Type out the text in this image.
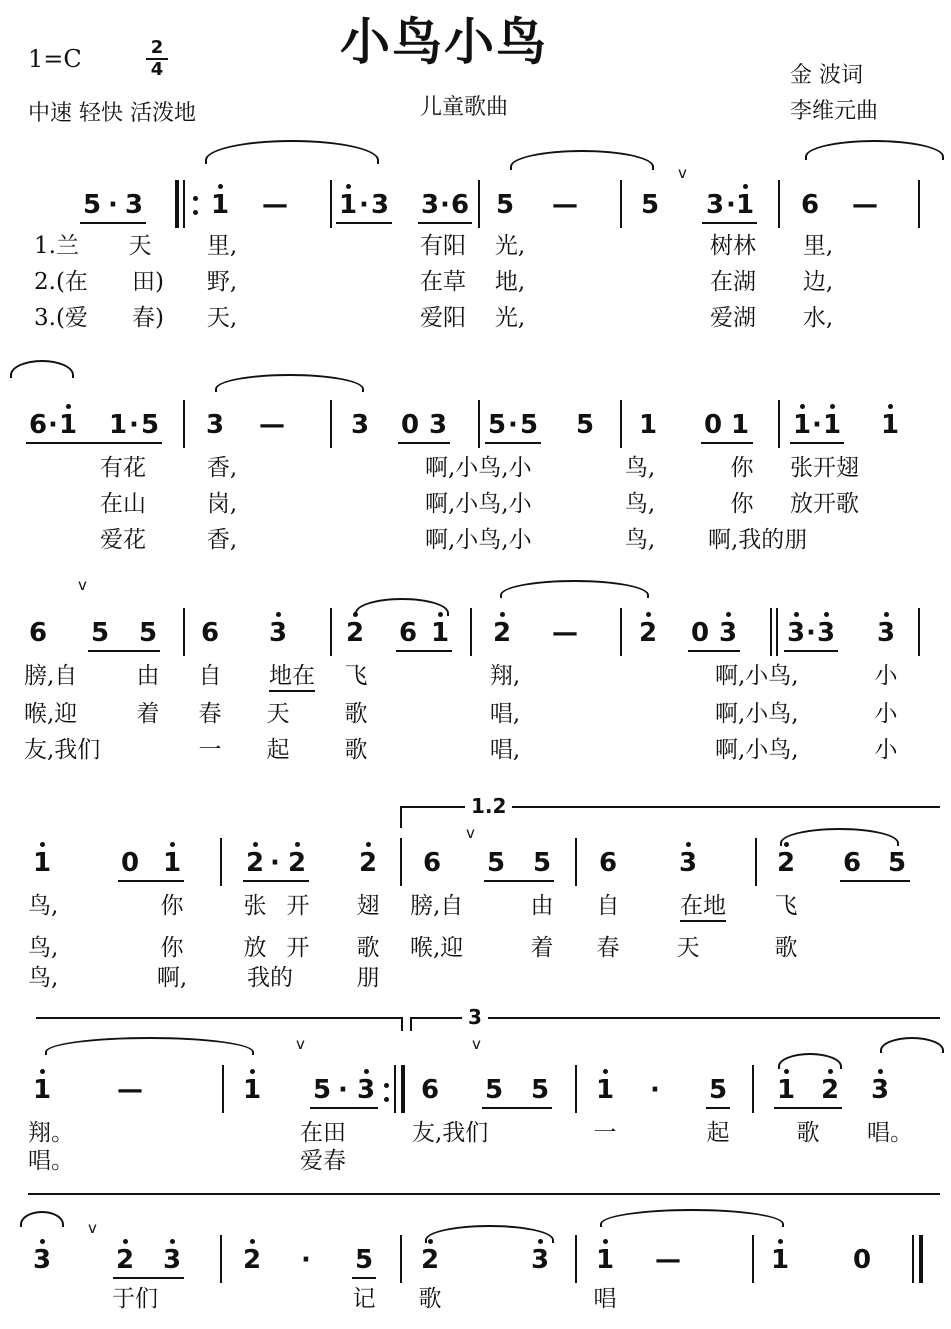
小鸟小鸟
1=C	2
4
中速 轻快 活泼地	儿童歌曲
金 波词
李维元曲
v
5 · 3	1 — 1 · 3 3 · 6 5 — 5 3 · 1 6 —
1.兰 天 里,	有阳 光,	树林 里,
2.(在 田) 野,	在草 地,	在湖 边,
3.(爱 春) 天,	爱阳 光,	爱湖 水,
6 · 1 1 · 5 3 —	3 0 3 5 · 5 5 1 0 1 1 · 1 1
有花	香,	啊,小鸟,小	鸟,	你 张开翅
在山	岗,	啊,小鸟,小	鸟,	你 放开歌
爱花	香,	啊,小鸟,小	鸟, 啊,我的朋
v
6 5 5 6 3 2 6 1 2 — 2 0 3 3 · 3 3
膀,自	由 自 地在 飞	翔,	啊,小鸟,	小
喉,迎	着 春 天 歌	唱,	啊,小鸟,	小
友,我们	一 起 歌	唱,	啊,小鸟,	小
1.2
v
1	0 1 2 · 2 2 6 5 5 6 3	2 6 5
鸟,	你	张 开 翅 膀,自	由 自	在地 飞
鸟,	你	放 开 歌 喉,迎	着 春 天	歌
鸟,	啊,	我的	朋
3
v	v
1	—	1 5 · 3 6 5 5 1 · 5 1 2 3
翔。	在田	友,我们	一	起	歌 唱。
唱。	爱春
v
3 2 3 2 · 5 2	3 1 —	1 0
于们	记 歌	唱
